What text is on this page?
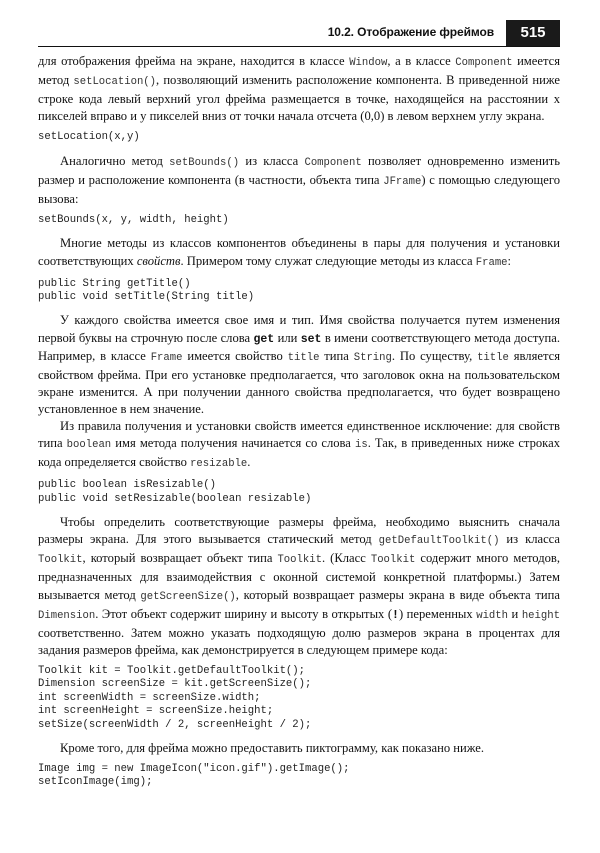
10.2. Отображение фреймов	515

для отображения фрейма на экране, находится в классе Window, а в классе Component имеется метод setLocation(), позволяющий изменить расположение компонента. В приведенной ниже строке кода левый верхний угол фрейма размещается в точке, находящейся на расстоянии x пикселей вправо и y пикселей вниз от точки начала отсчета (0,0) в левом верхнем углу экрана.

setLocation(x,y)

Аналогично метод setBounds() из класса Component позволяет одновременно изменить размер и расположение компонента (в частности, объекта типа JFrame) с помощью следующего вызова:

setBounds(x, y, width, height)

Многие методы из классов компонентов объединены в пары для получения и установки соответствующих свойств. Примером тому служат следующие методы из класса Frame:

public String getTitle()
public void setTitle(String title)

У каждого свойства имеется свое имя и тип. Имя свойства получается путем изменения первой буквы на строчную после слова get или set в имени соответствующего метода доступа. Например, в классе Frame имеется свойство title типа String. По существу, title является свойством фрейма. При его установке предполагается, что заголовок окна на пользовательском экране изменится. А при получении данного свойства предполагается, что будет возвращено установленное в нем значение.

Из правила получения и установки свойств имеется единственное исключение: для свойств типа boolean имя метода получения начинается со слова is. Так, в приведенных ниже строках кода определяется свойство resizable.

public boolean isResizable()
public void setResizable(boolean resizable)

Чтобы определить соответствующие размеры фрейма, необходимо выяснить сначала размеры экрана. Для этого вызывается статический метод getDefaultToolkit() из класса Toolkit, который возвращает объект типа Toolkit. (Класс Toolkit содержит много методов, предназначенных для взаимодействия с оконной системой конкретной платформы.) Затем вызывается метод getScreenSize(), который возвращает размеры экрана в виде объекта типа Dimension. Этот объект содержит ширину и высоту в открытых (!) переменных width и height соответственно. Затем можно указать подходящую долю размеров экрана в процентах для задания размеров фрейма, как демонстрируется в следующем примере кода:

Toolkit kit = Toolkit.getDefaultToolkit();
Dimension screenSize = kit.getScreenSize();
int screenWidth = screenSize.width;
int screenHeight = screenSize.height;
setSize(screenWidth / 2, screenHeight / 2);

Кроме того, для фрейма можно предоставить пиктограмму, как показано ниже.

Image img = new ImageIcon("icon.gif").getImage();
setIconImage(img);
